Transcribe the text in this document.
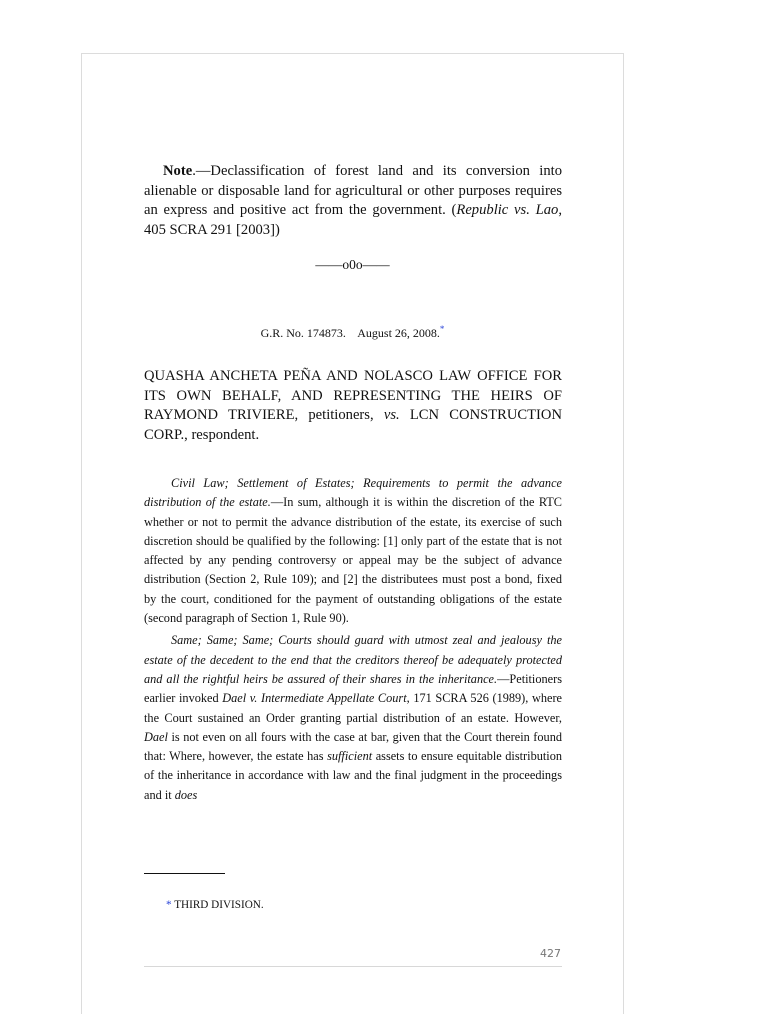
Note.—Declassification of forest land and its conversion into alienable or disposable land for agricultural or other purposes requires an express and positive act from the government. (Republic vs. Lao, 405 SCRA 291 [2003])

——o0o——
G.R. No. 174873. August 26, 2008.*

QUASHA ANCHETA PEÑA AND NOLASCO LAW OFFICE FOR ITS OWN BEHALF, AND REPRESENTING THE HEIRS OF RAYMOND TRIVIERE, petitioners, vs. LCN CONSTRUCTION CORP., respondent.

Civil Law; Settlement of Estates; Requirements to permit the advance distribution of the estate.—In sum, although it is within the discretion of the RTC whether or not to permit the advance distribution of the estate, its exercise of such discretion should be qualified by the following: [1] only part of the estate that is not affected by any pending controversy or appeal may be the subject of advance distribution (Section 2, Rule 109); and [2] the distributees must post a bond, fixed by the court, conditioned for the payment of outstanding obligations of the estate (second paragraph of Section 1, Rule 90).

Same; Same; Same; Courts should guard with utmost zeal and jealousy the estate of the decedent to the end that the creditors thereof be adequately protected and all the rightful heirs be assured of their shares in the inheritance.—Petitioners earlier invoked Dael v. Intermediate Appellate Court, 171 SCRA 526 (1989), where the Court sustained an Order granting partial distribution of an estate. However, Dael is not even on all fours with the case at bar, given that the Court therein found that: Where, however, the estate has sufficient assets to ensure equitable distribution of the inheritance in accordance with law and the final judgment in the proceedings and it does

* THIRD DIVISION.
427
